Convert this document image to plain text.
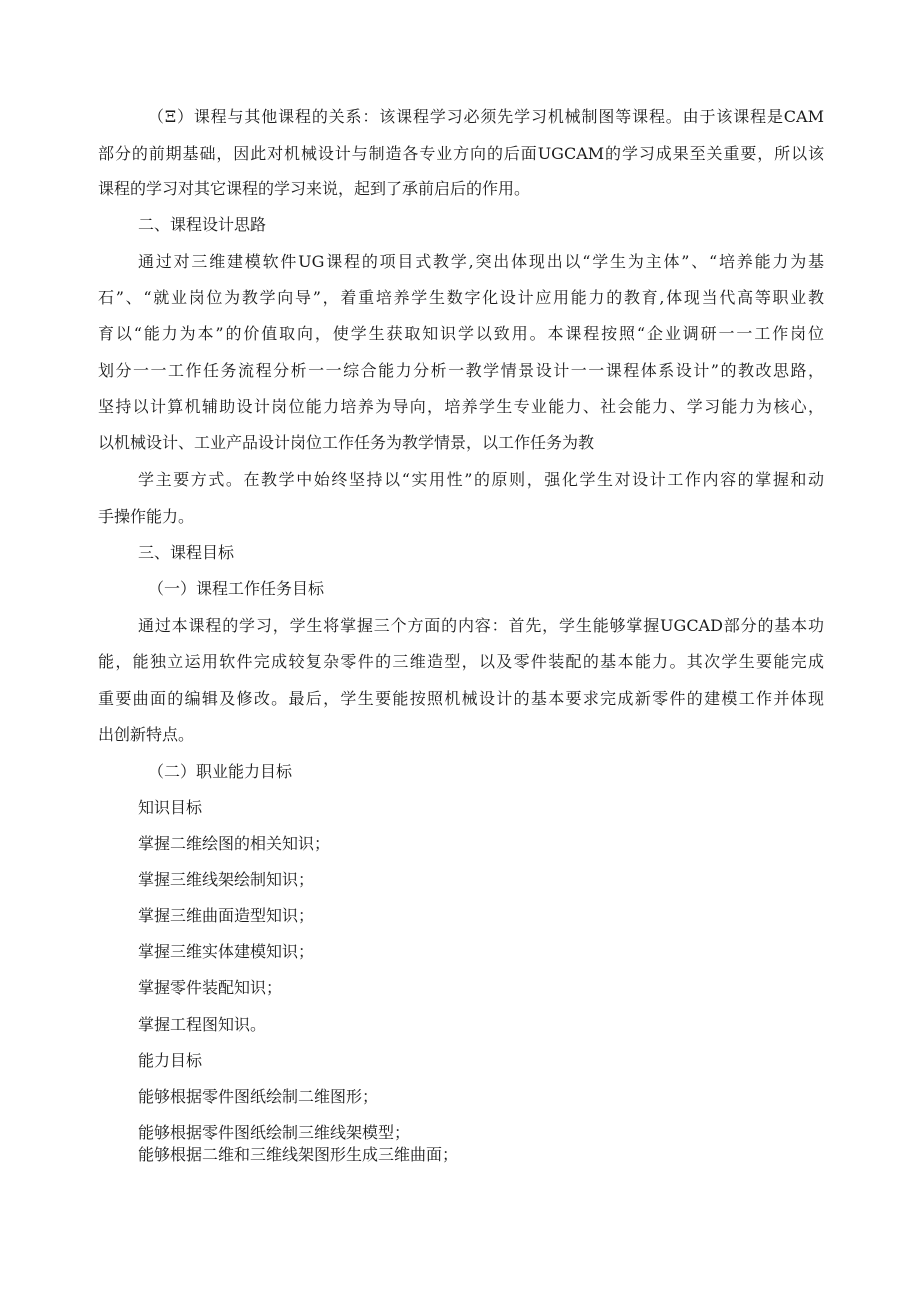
（Ξ）课程与其他课程的关系：该课程学习必须先学习机械制图等课程。由于该课程是CAM
部分的前期基础，因此对机械设计与制造各专业方向的后面UGCAM的学习成果至关重要，所以该
课程的学习对其它课程的学习来说，起到了承前启后的作用。
二、课程设计思路
通过对三维建模软件UG课程的项目式教学,突出体现出以“学生为主体”、“培养能力为基
石”、“就业岗位为教学向导”，着重培养学生数字化设计应用能力的教育,体现当代高等职业教
育以“能力为本”的价值取向，使学生获取知识学以致用。本课程按照“企业调研一一工作岗位
划分一一工作任务流程分析一一综合能力分析一教学情景设计一一课程体系设计”的教改思路，
坚持以计算机辅助设计岗位能力培养为导向，培养学生专业能力、社会能力、学习能力为核心，
以机械设计、工业产品设计岗位工作任务为教学情景，以工作任务为教
学主要方式。在教学中始终坚持以“实用性”的原则，强化学生对设计工作内容的掌握和动
手操作能力。
三、课程目标
（一）课程工作任务目标
通过本课程的学习，学生将掌握三个方面的内容：首先，学生能够掌握UGCAD部分的基本功
能，能独立运用软件完成较复杂零件的三维造型，以及零件装配的基本能力。其次学生要能完成
重要曲面的编辑及修改。最后，学生要能按照机械设计的基本要求完成新零件的建模工作并体现
出创新特点。
（二）职业能力目标
知识目标
掌握二维绘图的相关知识；
掌握三维线架绘制知识；
掌握三维曲面造型知识；
掌握三维实体建模知识；
掌握零件装配知识；
掌握工程图知识。
能力目标
能够根据零件图纸绘制二维图形；
能够根据零件图纸绘制三维线架模型；
能够根据二维和三维线架图形生成三维曲面；
